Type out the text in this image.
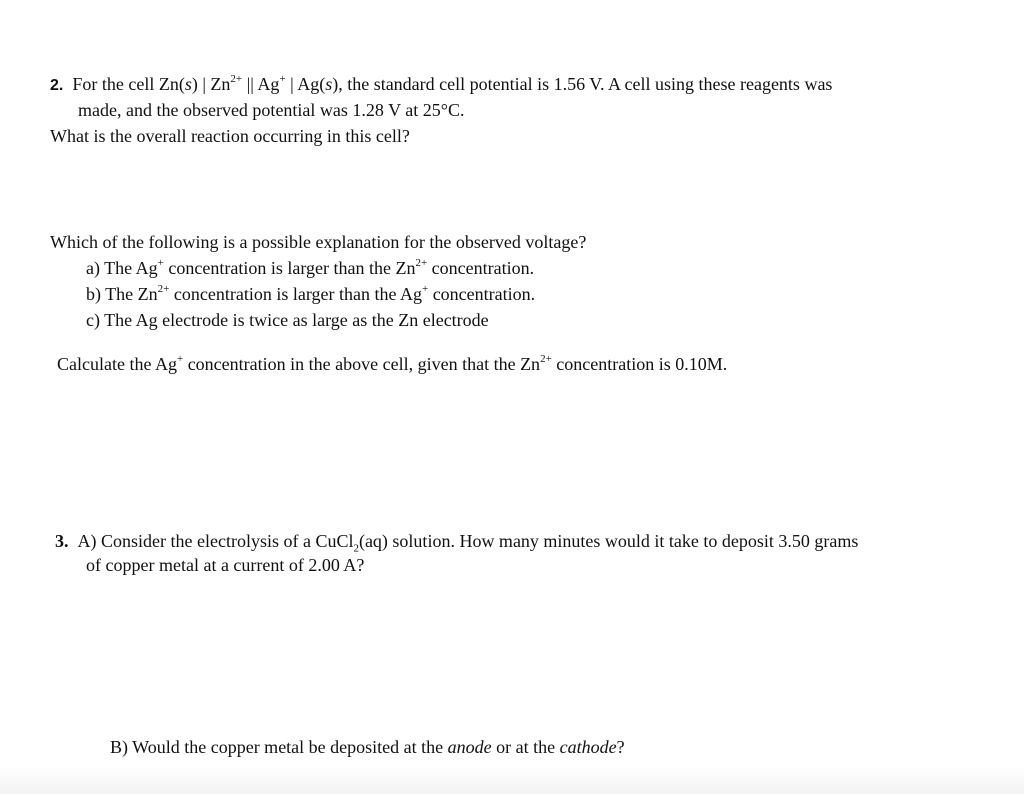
2. For the cell Zn(s) | $Zn^{2+}$ || Ag+ | Ag(s), the standard cell potential is 1.56 V. A cell using these reagents was
made, and the observed potential was 1.28 V at 25°C.
What is the overall reaction occurring in this cell?
Which of the following is a possible explanation for the observed voltage?
a) The Ag+ concentration is larger than the $Zn^{2+}$ concentration.
b) The $Zn^{2+}$ concentration is larger than the Ag+ concentration.
c) The Ag electrode is twice as large as the Zn electrode
Calculate the Ag+ concentration in the above cell, given that the $Zn^{2+}$ concentration is 0.10M.
3. A) Consider the electrolysis of a CuCl$_2$(aq) solution. How many minutes would it take to deposit 3.50 grams
of copper metal at a current of 2.00 A?
B) Would the copper metal be deposited at the anode or at the cathode?
